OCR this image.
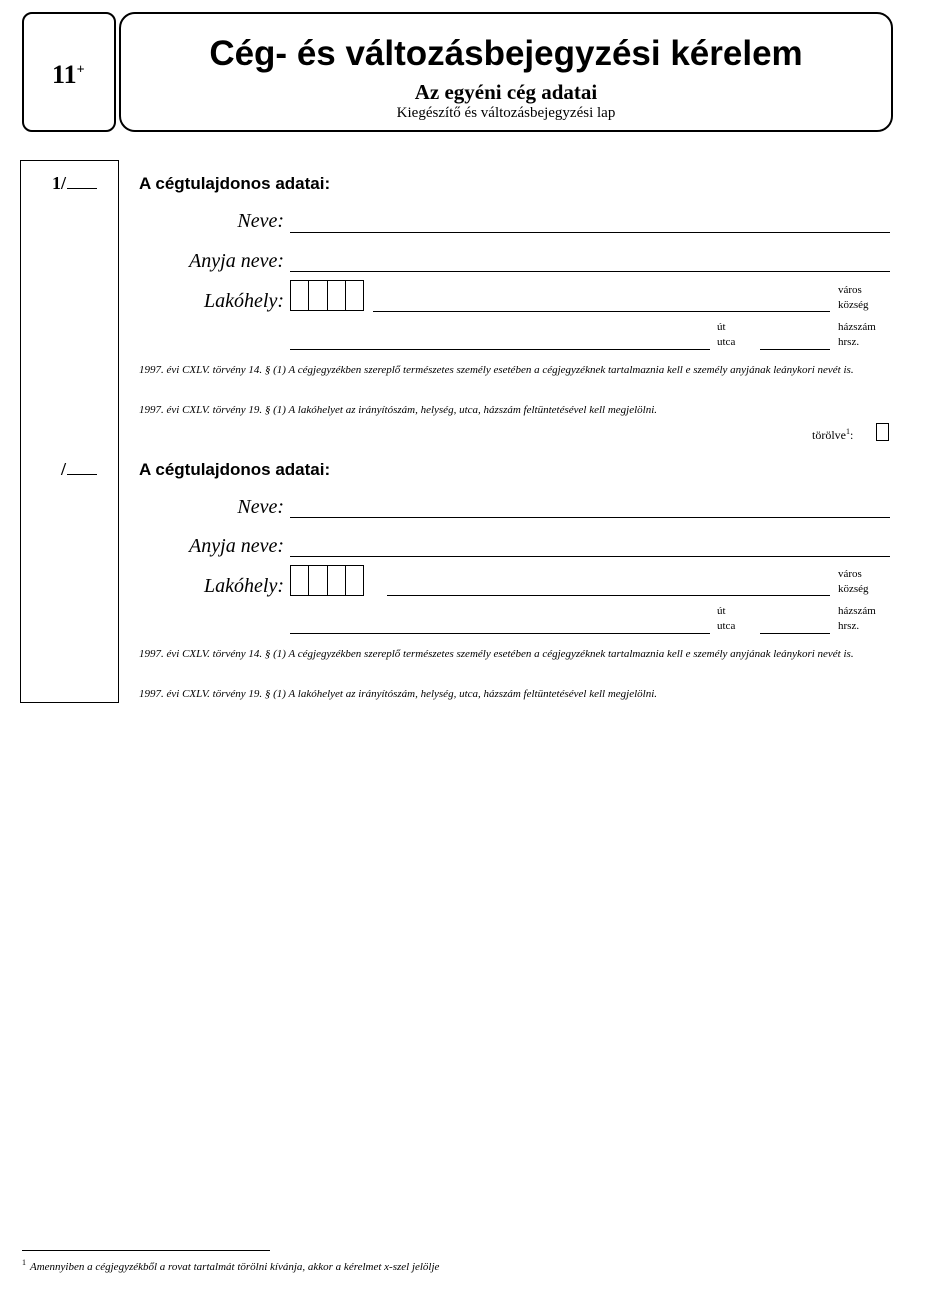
11+	Cég- és változásbejegyzési kérelem
Az egyéni cég adatai
Kiegészítő és változásbejegyzési lap
1/	A cégtulajdonos adatai:
Neve:
Anyja neve:
Lakóhely:	város
község
út
utca
házszám
hrsz.
1997. évi CXLV. törvény 14. § (1) A cégjegyzékben szereplő természetes személy esetében a cégjegyzéknek tartalmaznia kell e személy anyjának leánykori nevét is.
1997. évi CXLV. törvény 19. § (1) A lakóhelyet az irányítószám, helység, utca, házszám feltüntetésével kell megjelölni.
törölve$^1$:
/	A cégtulajdonos adatai:
Neve:
Anyja neve:
Lakóhely:
város
község
út
utca
házszám
hrsz.
1997. évi CXLV. törvény 14. § (1) A cégjegyzékben szereplő természetes személy esetében a cégjegyzéknek tartalmaznia kell e személy anyjának leánykori nevét is.
1997. évi CXLV. törvény 19. § (1) A lakóhelyet az irányítószám, helység, utca, házszám feltüntetésével kell megjelölni.
$^1$ Amennyiben a cégjegyzékből a rovat tartalmát törölni kívánja, akkor a kérelmet x-szel jelölje
